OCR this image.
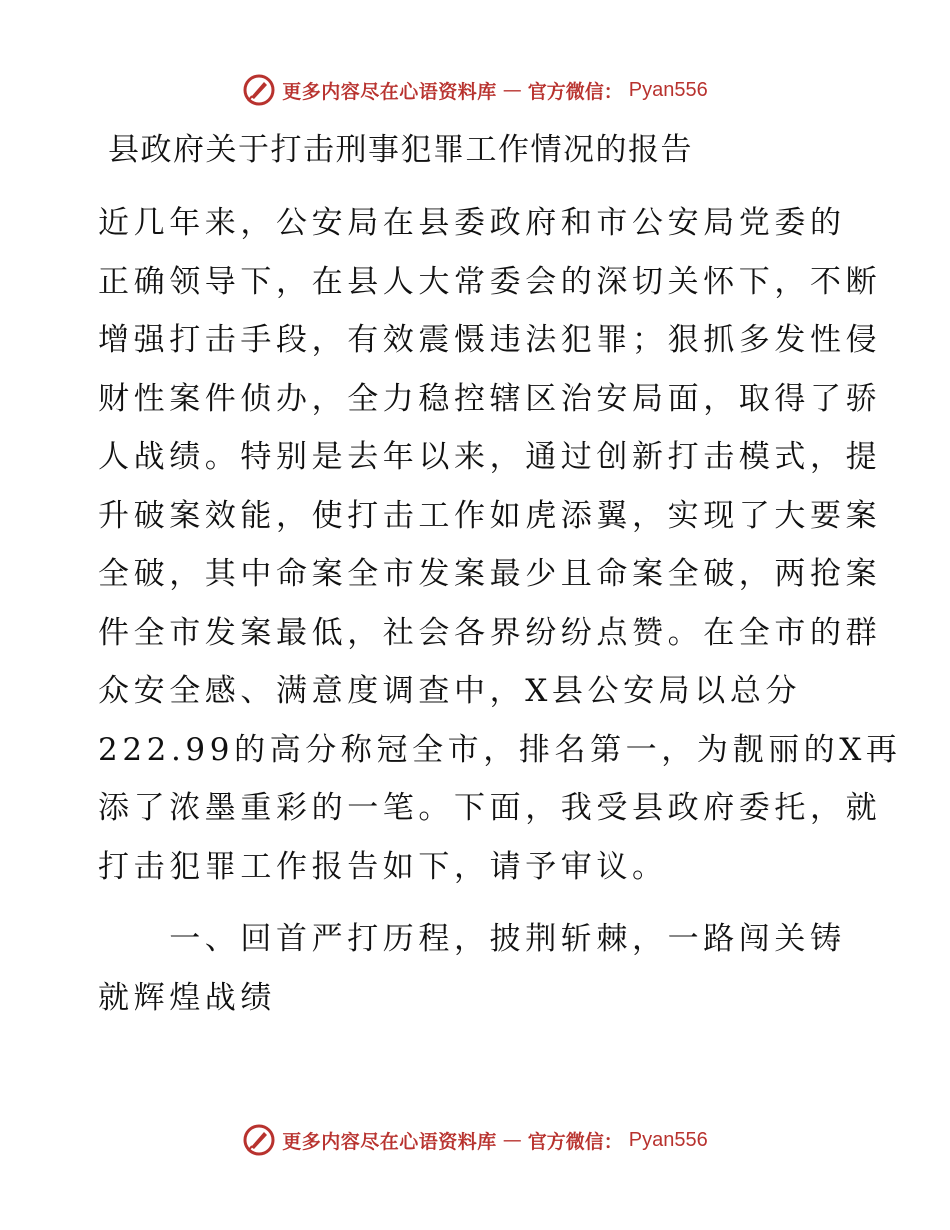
更多内容尽在心语资料库 — 官方微信： Pyan556
县政府关于打击刑事犯罪工作情况的报告

近几年来，公安局在县委政府和市公安局党委的
正确领导下，在县人大常委会的深切关怀下，不断
增强打击手段，有效震慑违法犯罪；狠抓多发性侵
财性案件侦办，全力稳控辖区治安局面，取得了骄
人战绩。特别是去年以来，通过创新打击模式，提
升破案效能，使打击工作如虎添翼，实现了大要案
全破，其中命案全市发案最少且命案全破，两抢案
件全市发案最低，社会各界纷纷点赞。在全市的群
众安全感、满意度调查中，X县公安局以总分
222.99的高分称冠全市，排名第一，为靓丽的X再
添了浓墨重彩的一笔。下面，我受县政府委托，就
打击犯罪工作报告如下，请予审议。

　　一、回首严打历程，披荆斩棘，一路闯关铸
就辉煌战绩
更多内容尽在心语资料库 — 官方微信： Pyan556
